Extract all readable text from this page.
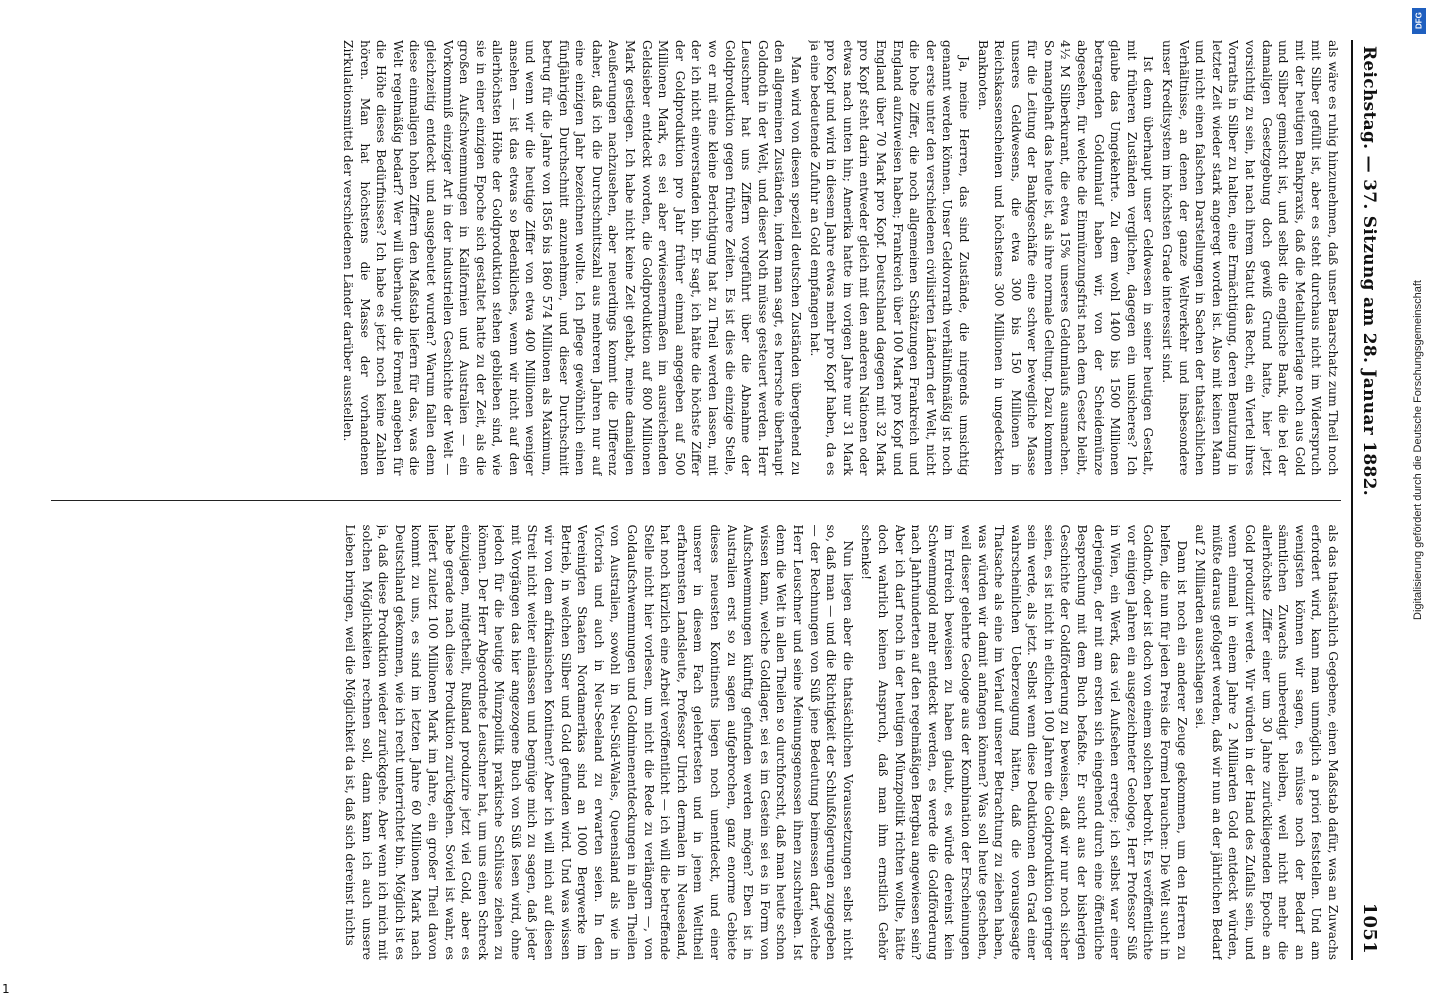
Reichstag. — 37. Sitzung am 28. Januar 1882.
1051

als wäre es ruhig hinzunehmen, daß unser Baarschatz zum Theil noch mit Silber gefüllt ist, aber es steht durchaus nicht im Widerspruch mit der heutigen Bankpraxis, daß die Metallunterlage noch aus Gold und Silber gemischt ist, und selbst die englische Bank, die bei der damaligen Gesetzgebung doch gewiß Grund hatte, hier jetzt vorsichtig zu sein, hat nach ihrem Statut das Recht, ein Viertel ihres Vorraths in Silber zu halten, eine Ermächtigung, deren Benutzung in letzter Zeit wieder stark angeregt worden ist. Also mit keinen Mann und nicht einen falschen Darstellungen in Sachen der thatsächlichen Verhältnisse, an denen der ganze Weltverkehr und insbesondere unser Kreditsystem im höchsten Grade interessirt sind.

Ist denn überhaupt unser Geldwesen in seiner heutigen Gestalt, mit früheren Zuständen verglichen, dagegen ein unsicheres? Ich glaube das Umgekehrte. Zu dem wohl 1400 bis 1500 Millionen betragenden Goldumlauf haben wir, von der Scheidemünze abgesehen, für welche die Einmünzungsfrist nach dem Gesetz bleibt, 4½ M Silberkurant, die etwa 15% unseres Geldumlaufs ausmachen. So mangelhaft das heute ist, als ihre normale Geltung. Dazu kommen für die Leitung der Bankgeschäfte eine schwer bewegliche Masse unseres Geldwesens, die etwa 300 bis 150 Millionen in Reichskassenscheinen und höchstens 300 Millionen in ungedeckten Banknoten.

Ja, meine Herren, das sind Zustände, die nirgends umsichtig genannt werden können. Unser Geldvorrath verhältnißmäßig ist noch der erste unter den verschiedenen civilisirten Ländern der Welt, nicht die hohe Ziffer, die noch allgemeinen Schätzungen Frankreich und England aufzuweisen haben; Frankreich über 100 Mark pro Kopf und England über 70 Mark pro Kopf. Deutschland dagegen mit 32 Mark pro Kopf steht darin entweder gleich mit den anderen Nationen oder etwas nach unten hin; Amerika hatte im vorigen Jahre nur 31 Mark pro Kopf und wird in diesem Jahre etwas mehr pro Kopf haben, da es ja eine bedeutende Zufuhr an Gold empfangen hat.

Man wird von diesen speziell deutschen Zuständen übergehend zu den allgemeinen Zuständen, indem man sagt, es herrsche überhaupt Goldnoth in der Welt, und dieser Noth müsse gesteuert werden. Herr Leuschner hat uns Ziffern vorgeführt über die Abnahme der Goldproduktion gegen frühere Zeiten. Es ist dies die einzige Stelle, wo er mit eine kleine Berichtigung hat zu Theil werden lassen, mit der ich nicht einverstanden bin. Er sagt, ich hätte die höchste Ziffer der Goldproduktion pro Jahr früher einmal angegeben auf 500 Millionen Mark, es sei aber erwiesenermaßen im ausreichenden Geldsieber entdeckt worden, die Goldproduktion auf 800 Millionen Mark gestiegen. Ich habe nicht keine Zeit gehabt, meine damaligen Aeußerungen nachzusehen, aber neuerdings kommt die Differenz daher, daß ich die Durchschnittszahl aus mehreren Jahren nur auf eine einzigen Jahr bezeichnen wollte. Ich pflege gewöhnlich einen fünfjährigen Durchschnitt anzunehmen, und dieser Durchschnitt betrug für die Jahre von 1856 bis 1860 574 Millionen als Maximum, und wenn wir die heutige Ziffer von etwa 400 Millionen weniger ansehen — ist das etwas so Bedenkliches, wenn wir nicht auf den allerhöchsten Höhe der Goldproduktion stehen geblieben sind, wie sie in einer einzigen Epoche sich gestaltet hatte zu der Zeit, als die großen Aufschwemmungen in Kalifornien und Australien — ein Vorkommniß einziger Art in der industriellen Geschichte der Welt — gleichzeitig entdeckt und ausgebeutet wurden? Warum fallen denn diese einmaligen hohen Ziffern den Maßstab liefern für das, was die Welt regelmäßig bedarf? Wer will überhaupt die Formel angeben für die Höhe dieses Bedürfnisses? Ich habe es jetzt noch keine Zahlen hören. Man hat höchstens die Masse der vorhandenen Zirkulationsmittel der verschiedenen Länder darüber ausstellen.

als das thatsächlich Gegebene, einen Maßstab dafür, was an Zuwachs erfordert wird, kann man unmöglich a priori feststellen. Und am wenigsten können wir sagen, es müsse noch der Bedarf an sämtlichen Zuwachs unberedigt bleiben, weil nicht mehr die allerhöchste Ziffer einer um 30 Jahre zurückliegenden Epoche an Gold produzirt werde. Wir würden in der Hand des Zufalls sein, und wenn einmal in einem Jahre 2 Milliarden Gold entdeckt würden, müßte daraus gefolgert werden, daß wir nun an der jährlichen Bedarf auf 2 Milliarden ausschlagen sei.

Dann ist noch ein anderer Zeuge gekommen, um den Herren zu helfen, die nun für jeden Preis die Formel brauchen: Die Welt sucht in Goldnoth, oder ist doch von einem solchen bedroht. Es veröffentlichte vor einigen Jahren ein ausgezeichneter Geologe, Herr Professor Süß in Wien, ein Werk, das viel Aufsehen erregte; ich selbst war einer derjenigen, der mit am ersten sich eingehend durch eine öffentliche Besprechung mit dem Buch befaßte. Er sucht aus der bisherigen Geschichte der Goldförderung zu beweisen, daß wir nur noch sicher seien, es ist nicht in etlichen 100 Jahren die Goldproduktion geringer sein werde, als jetzt. Selbst wenn diese Deduktionen den Grad einer wahrscheinlichen Ueberzeugung hätten, daß die vorausgesagte Thatsache als eine im Verlauf unserer Betrachtung zu ziehen haben, was würden wir damit anfangen können? Was soll heute geschehen, weil dieser gelehrte Geologe aus der Kombination der Erscheinungen im Erdreich beweisen zu haben glaubt, es würde dereinst kein Schwemmgold mehr entdeckt werden, es werde die Goldförderung nach Jahrhunderten auf den regelmäßigen Bergbau angewiesen sein? Aber ich darf noch in der heutigen Münzpolitik richten wollte, hätte doch wahrlich keinen Anspruch, daß man ihm ernstlich Gehör schenke!

Nun liegen aber die thatsächlichen Voraussetzungen selbst nicht so, daß man — und die Richtigkeit der Schlußfolgerungen zugegeben — der Rechnungen von Süß jene Bedeutung beimessen darf, welche Herr Leuschner und seine Meinungsgenossen ihnen zuschreiben. Ist denn die Welt in allen Theilen so durchforscht, daß man heute schon wissen kann, welche Goldlager, sei es im Gestein sei es in Form von Aufschwemmungen künftig gefunden werden mögen? Eben ist in Australien erst so zu sagen aufgebrochen, ganz enorme Gebiete dieses neuesten Kontinents liegen noch unentdeckt, und einer unserer in diesem Fach gelehrtesten und in jenem Welttheil erfahrensten Landsleute, Professor Ulrich dermalen in Neuseeland, hat noch kürzlich eine Arbeit veröffentlicht — ich will die betreffende Stelle nicht hier vorlesen, um nicht die Rede zu verlängern —, von Goldaufschwemmungen und Goldminenentdeckungen in allen Theilen von Australien, sowohl in Neu-Süd-Wales, Queensland als wie in Victoria und auch in Neu-Seeland zu erwarten seien. In den Vereinigten Staaten Nordamerikas sind an 1000 Bergwerke im Betrieb, in welchen Silber und Gold gefunden wird. Und was wissen wir von dem afrikanischen Kontinent? Aber ich will mich auf diesen Streit nicht weiter einlassen und begnüge mich zu sagen, daß jeder mit Vorgängen das hier angezogene Buch von Süß lesen wird, ohne jedoch für die heutige Münzpolitik praktische Schlüsse ziehen zu können. Der Herr Abgeordnete Leuschner hat, um uns einen Schreck einzujagen, mitgetheilt, Rußland produzire jetzt viel Gold, aber es habe gerade nach diese Produktion zurückgehen. Soviel ist wahr, es liefert zuletzt 100 Millionen Mark im Jahre, ein großer Theil davon kommt zu uns, es sind im letzten Jahre 60 Millionen Mark nach Deutschland gekommen, wie ich recht unterrichtet bin. Möglich ist es ja, daß diese Produktion wieder zurückgehe. Aber wenn ich mich mit solchen Möglichkeiten rechnen soll, dann kann ich auch unsere Lieben bringen, weil die Möglichkeit da ist, daß sich dereinst nichts

Digitalisierung gefördert durch die Deutsche Forschungsgemeinschaft
DFG
1
